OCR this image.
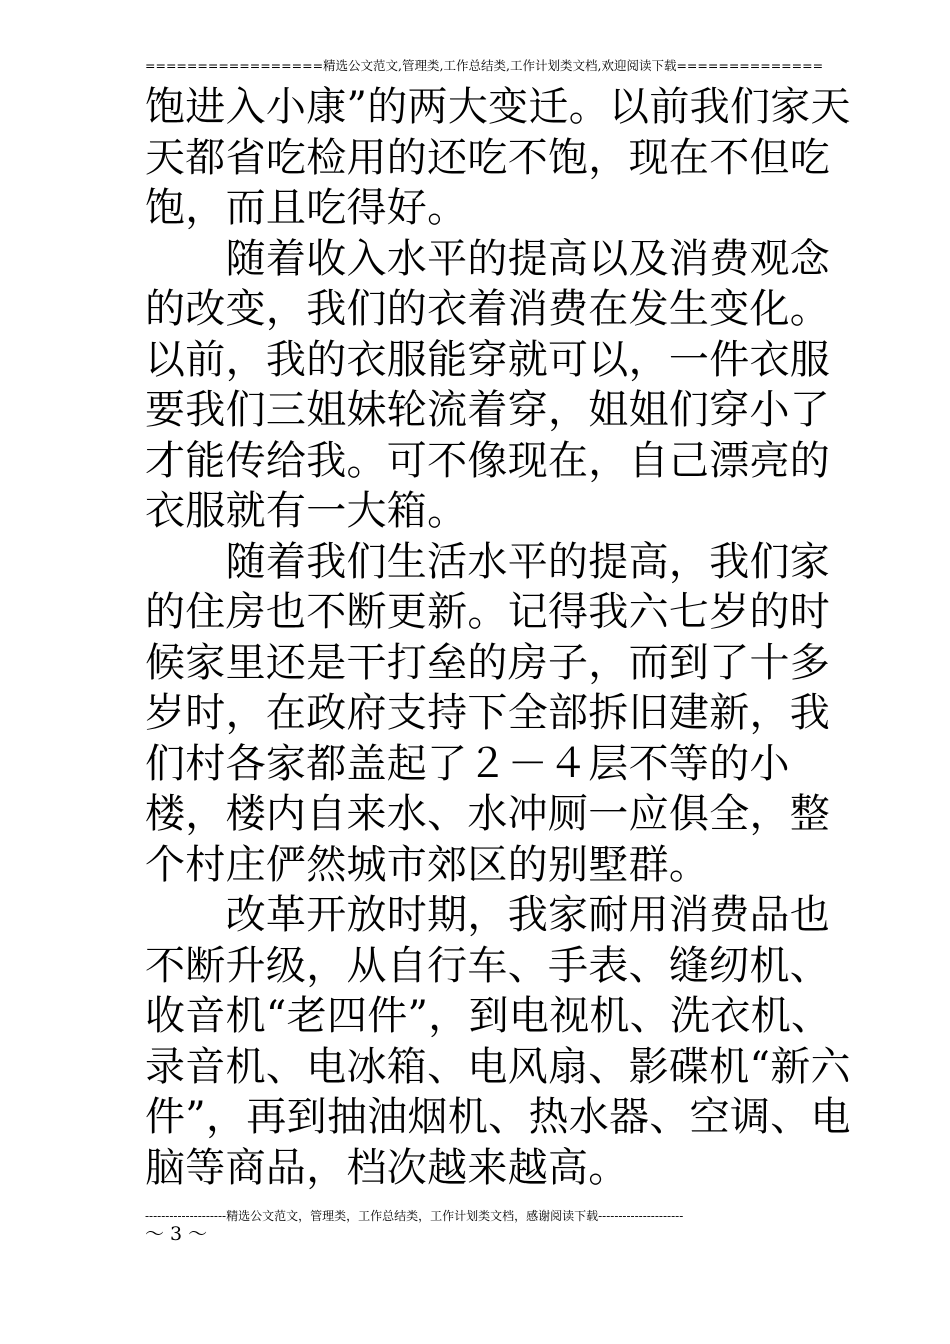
=================精选公文范文,管理类,工作总结类,工作计划类文档,欢迎阅读下载==============
饱进入小康”的两大变迁。以前我们家天
天都省吃检用的还吃不饱，现在不但吃
饱，而且吃得好。
　　随着收入水平的提高以及消费观念
的改变，我们的衣着消费在发生变化。
以前，我的衣服能穿就可以，一件衣服
要我们三姐妹轮流着穿，姐姐们穿小了
才能传给我。可不像现在，自己漂亮的
衣服就有一大箱。
　　随着我们生活水平的提高，我们家
的住房也不断更新。记得我六七岁的时
候家里还是干打垒的房子，而到了十多
岁时，在政府支持下全部拆旧建新，我
们村各家都盖起了２－４层不等的小
楼，楼内自来水、水冲厕一应俱全，整
个村庄俨然城市郊区的别墅群。
　　改革开放时期，我家耐用消费品也
不断升级，从自行车、手表、缝纫机、
收音机“老四件”，到电视机、洗衣机、
录音机、电冰箱、电风扇、影碟机“新六
件”，再到抽油烟机、热水器、空调、电
脑等商品，档次越来越高。
--------------------精选公文范文，管理类，工作总结类，工作计划类文档，感谢阅读下载---------------------
～ 3 ～
